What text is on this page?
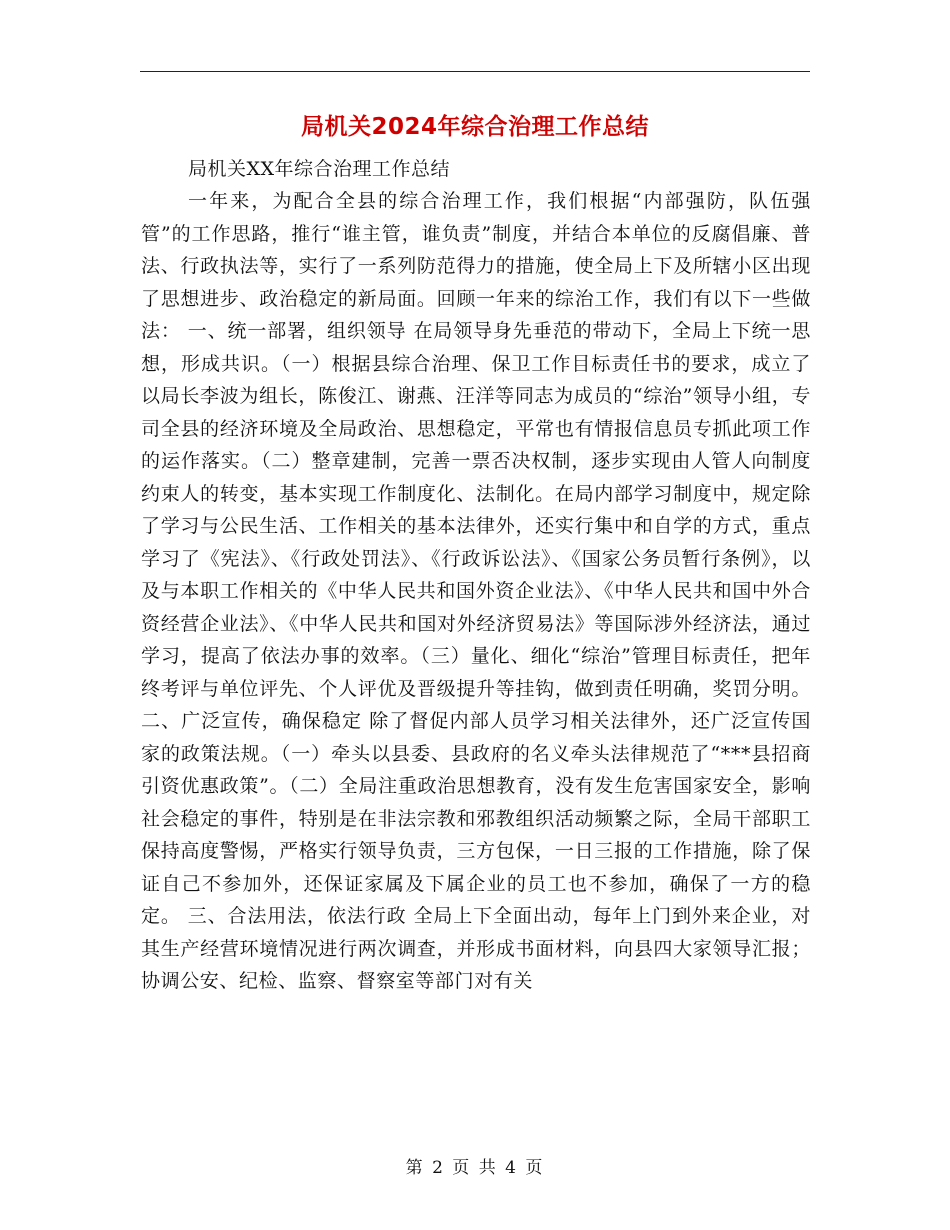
局机关2024年综合治理工作总结
局机关XX年综合治理工作总结
一年来，为配合全县的综合治理工作，我们根据“内部强防，队伍强管”的工作思路，推行“谁主管，谁负责”制度，并结合本单位的反腐倡廉、普法、行政执法等，实行了一系列防范得力的措施，使全局上下及所辖小区出现了思想进步、政治稳定的新局面。回顾一年来的综治工作，我们有以下一些做法： 一、统一部署，组织领导 在局领导身先垂范的带动下，全局上下统一思想，形成共识。（一）根据县综合治理、保卫工作目标责任书的要求，成立了以局长李波为组长，陈俊江、谢燕、汪洋等同志为成员的“综治”领导小组，专司全县的经济环境及全局政治、思想稳定，平常也有情报信息员专抓此项工作的运作落实。（二）整章建制，完善一票否决权制，逐步实现由人管人向制度约束人的转变，基本实现工作制度化、法制化。在局内部学习制度中，规定除了学习与公民生活、工作相关的基本法律外，还实行集中和自学的方式，重点学习了《宪法》、《行政处罚法》、《行政诉讼法》、《国家公务员暂行条例》，以及与本职工作相关的《中华人民共和国外资企业法》、《中华人民共和国中外合资经营企业法》、《中华人民共和国对外经济贸易法》等国际涉外经济法，通过学习，提高了依法办事的效率。（三）量化、细化“综治”管理目标责任，把年终考评与单位评先、个人评优及晋级提升等挂钩，做到责任明确，奖罚分明。 二、广泛宣传，确保稳定 除了督促内部人员学习相关法律外，还广泛宣传国家的政策法规。（一）牵头以县委、县政府的名义牵头法律规范了“***县招商引资优惠政策”。（二）全局注重政治思想教育，没有发生危害国家安全，影响社会稳定的事件，特别是在非法宗教和邪教组织活动频繁之际，全局干部职工保持高度警惕，严格实行领导负责，三方包保，一日三报的工作措施，除了保证自己不参加外，还保证家属及下属企业的员工也不参加，确保了一方的稳定。 三、合法用法，依法行政 全局上下全面出动，每年上门到外来企业，对其生产经营环境情况进行两次调查，并形成书面材料，向县四大家领导汇报；协调公安、纪检、监察、督察室等部门对有关
第 2 页 共 4 页
